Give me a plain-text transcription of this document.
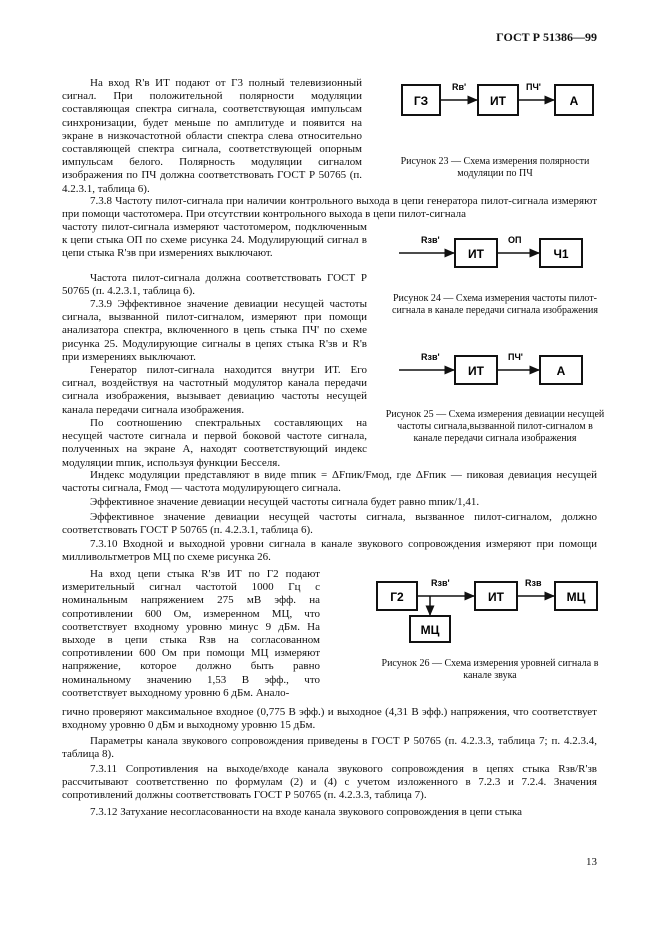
ГОСТ Р 51386—99
На вход R'в ИТ подают от Г3 полный телевизионный сигнал. При положительной полярности модуляции составляющая спектра сигнала, соответствующая импульсам синхронизации, будет меньше по амплитуде и появится на экране в низкочастотной области спектра слева относительно составляющей спектра сигнала, соответствующей опорным импульсам белого. Полярность модуляции сигналом изображения по ПЧ должна соответствовать ГОСТ Р 50765 (п. 4.2.3.1, таблица 6).
7.3.8 Частоту пилот-сигнала при наличии контрольного выхода в цепи генератора пилот-сигнала измеряют при помощи частотомера. При отсутствии контрольного выхода в цепи пилот-сигнала
частоту пилот-сигнала измеряют частотомером, подключенным к цепи стыка ОП по схеме рисунка 24. Модулирующий сигнал в цепи стыка R'зв при измерениях выключают.
Частота пилот-сигнала должна соответствовать ГОСТ Р 50765 (п. 4.2.3.1, таблица 6).
7.3.9 Эффективное значение девиации несущей частоты сигнала, вызванной пилот-сигналом, измеряют при помощи анализатора спектра, включенного в цепь стыка ПЧ' по схеме рисунка 25. Модулирующие сигналы в цепях стыка R'зв и R'в при измерениях выключают.
Генератор пилот-сигнала находится внутри ИТ. Его сигнал, воздействуя на частотный модулятор канала передачи сигнала изображения, вызывает девиацию частоты несущей канала передачи сигнала изображения.
По соотношению спектральных составляющих на несущей частоте сигнала и первой боковой частоте сигнала, полученных на экране А, находят соответствующий индекс модуляции mпик, используя функции Бесселя.
Индекс модуляции представляют в виде mпик = ΔFпик/Fмод, где ΔFпик — пиковая девиация несущей частоты сигнала, Fмод — частота модулирующего сигнала.
Эффективное значение девиации несущей частоты сигнала будет равно mпик/1,41.
Эффективное значение девиации несущей частоты сигнала, вызванное пилот-сигналом, должно соответствовать ГОСТ Р 50765 (п. 4.2.3.1, таблица 6).
7.3.10 Входной и выходной уровни сигнала в канале звукового сопровождения измеряют при помощи милливольтметров МЦ по схеме рисунка 26.
На вход цепи стыка R'зв ИТ по Г2 подают измерительный сигнал частотой 1000 Гц с номинальным напряжением 275 мВ эфф. на сопротивлении 600 Ом, измеренном МЦ, что соответствует входному уровню минус 9 дБм. На выходе в цепи стыка Rзв на согласованном сопротивлении 600 Ом при помощи МЦ измеряют напряжение, которое должно быть равно номинальному значению 1,53 В эфф., что соответствует выходному уровню 6 дБм. Анало-
гично проверяют максимальное входное (0,775 В эфф.) и выходное (4,31 В эфф.) напряжения, что соответствует входному уровню 0 дБм и выходному уровню 15 дБм.
Параметры канала звукового сопровождения приведены в ГОСТ Р 50765 (п. 4.2.3.3, таблица 7; п. 4.2.3.4, таблица 8).
7.3.11 Сопротивления на выходе/входе канала звукового сопровождения в цепях стыка Rзв/R'зв рассчитывают соответственно по формулам (2) и (4) с учетом изложенного в 7.2.3 и 7.2.4. Значения сопротивлений должны соответствовать ГОСТ Р 50765 (п. 4.2.3.3, таблица 7).
7.3.12 Затухание несогласованности на входе канала звукового сопровождения в цепи стыка
ГЗ
Rв'
ИТ
ПЧ'
А
Рисунок 23 — Схема измерения полярности модуляции по ПЧ
Rзв'
ИТ
ОП
Ч1
Рисунок 24 — Схема измерения частоты пилот-сигнала в канале передачи сигнала изображения
Rзв'
ИТ
ПЧ'
А
Рисунок 25 — Схема измерения девиации несущей частоты сигнала,вызванной пилот-сигналом в канале передачи сигнала изображения
Г2
Rзв'
МЦ
ИТ
Rзв
МЦ
Рисунок 26 — Схема измерения уровней сигнала в канале звука
13
